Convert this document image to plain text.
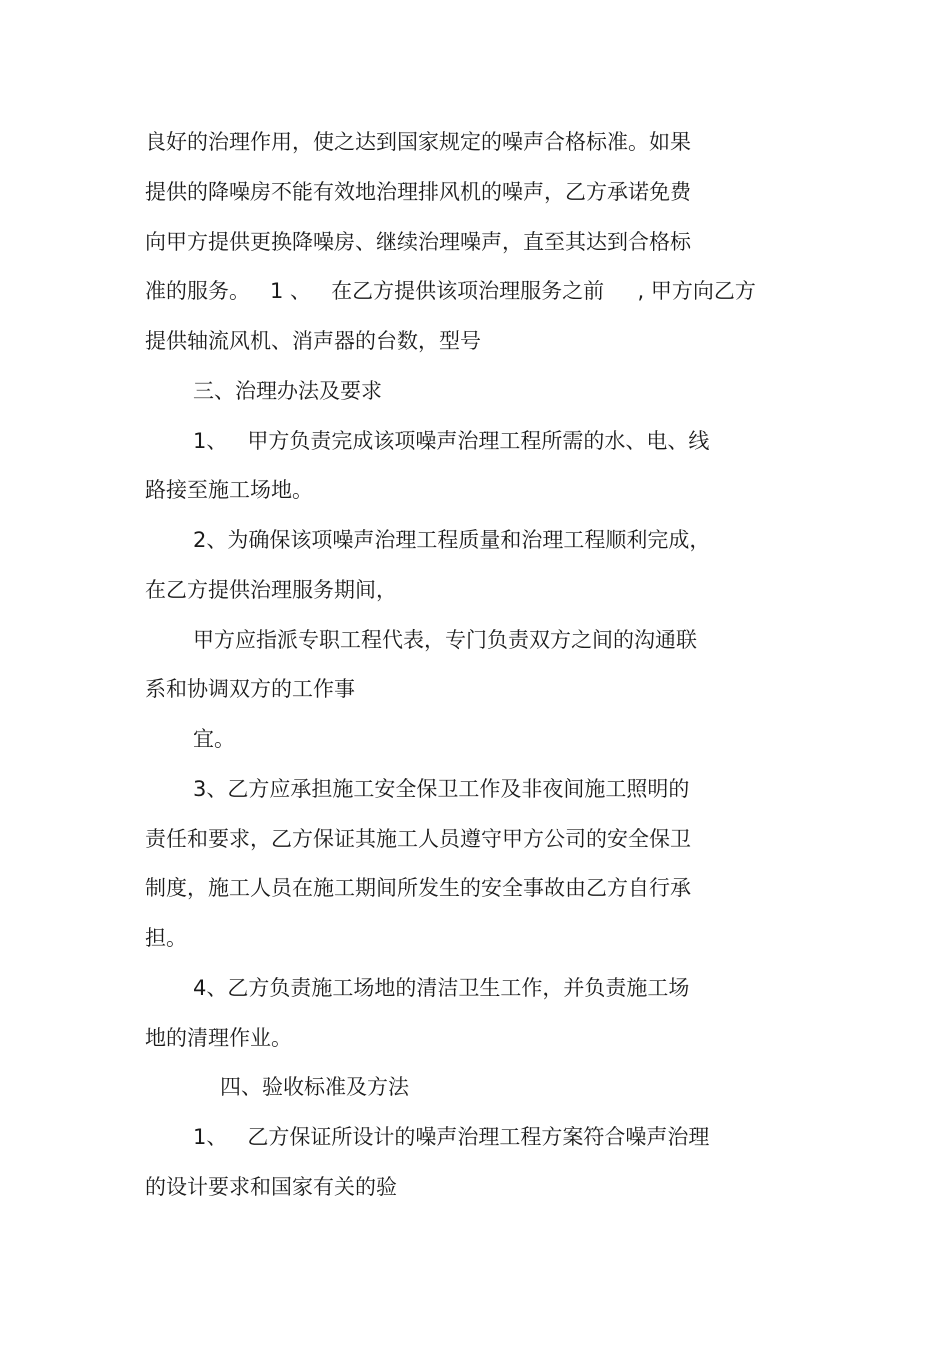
良好的治理作用，使之达到国家规定的噪声合格标准。如果
提供的降噪房不能有效地治理排风机的噪声，乙方承诺免费
向甲方提供更换降噪房、继续治理噪声，直至其达到合格标
准的服务。   1 、   在乙方提供该项治理服务之前     , 甲方向乙方
提供轴流风机、消声器的台数，型号
三、治理办法及要求
1、   甲方负责完成该项噪声治理工程所需的水、电、线
路接至施工场地。
2、为确保该项噪声治理工程质量和治理工程顺利完成，
在乙方提供治理服务期间，
甲方应指派专职工程代表，专门负责双方之间的沟通联
系和协调双方的工作事
宜。
3、乙方应承担施工安全保卫工作及非夜间施工照明的
责任和要求，乙方保证其施工人员遵守甲方公司的安全保卫
制度，施工人员在施工期间所发生的安全事故由乙方自行承
担。
4、乙方负责施工场地的清洁卫生工作，并负责施工场
地的清理作业。
四、验收标准及方法
1、   乙方保证所设计的噪声治理工程方案符合噪声治理
的设计要求和国家有关的验
